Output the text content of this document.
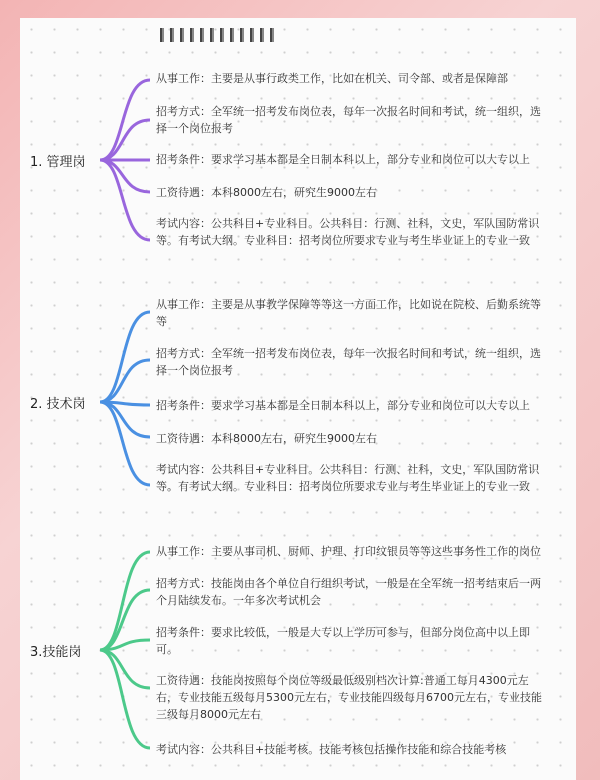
1. 管理岗
从事工作：主要是从事行政类工作，比如在机关、司令部、或者是保障部
招考方式：全军统一招考发布岗位表，每年一次报名时间和考试，统一组织，选择一个岗位报考
招考条件：要求学习基本都是全日制本科以上，部分专业和岗位可以大专以上
工资待遇：本科8000左右，研究生9000左右
考试内容：公共科目+专业科目。公共科目：行测、社科，文史，军队国防常识等。有考试大纲。专业科目：招考岗位所要求专业与考生毕业证上的专业一致
2. 技术岗
从事工作：主要是从事教学保障等等这一方面工作，比如说在院校、后勤系统等等
招考方式：全军统一招考发布岗位表，每年一次报名时间和考试，统一组织，选择一个岗位报考
招考条件：要求学习基本都是全日制本科以上，部分专业和岗位可以大专以上
工资待遇：本科8000左右，研究生9000左右
考试内容：公共科目+专业科目。公共科目：行测、社科，文史，军队国防常识等。有考试大纲。专业科目：招考岗位所要求专业与考生毕业证上的专业一致
3.技能岗
从事工作：主要从事司机、厨师、护理、打印纹银员等等这些事务性工作的岗位
招考方式：技能岗由各个单位自行组织考试，一般是在全军统一招考结束后一两个月陆续发布。一年多次考试机会
招考条件：要求比较低，一般是大专以上学历可参与，但部分岗位高中以上即可。
工资待遇：技能岗按照每个岗位等级最低级别档次计算:普通工每月4300元左右，专业技能五级每月5300元左右，专业技能四级每月6700元左右，专业技能三级每月8000元左右
考试内容：公共科目+技能考核。技能考核包括操作技能和综合技能考核
